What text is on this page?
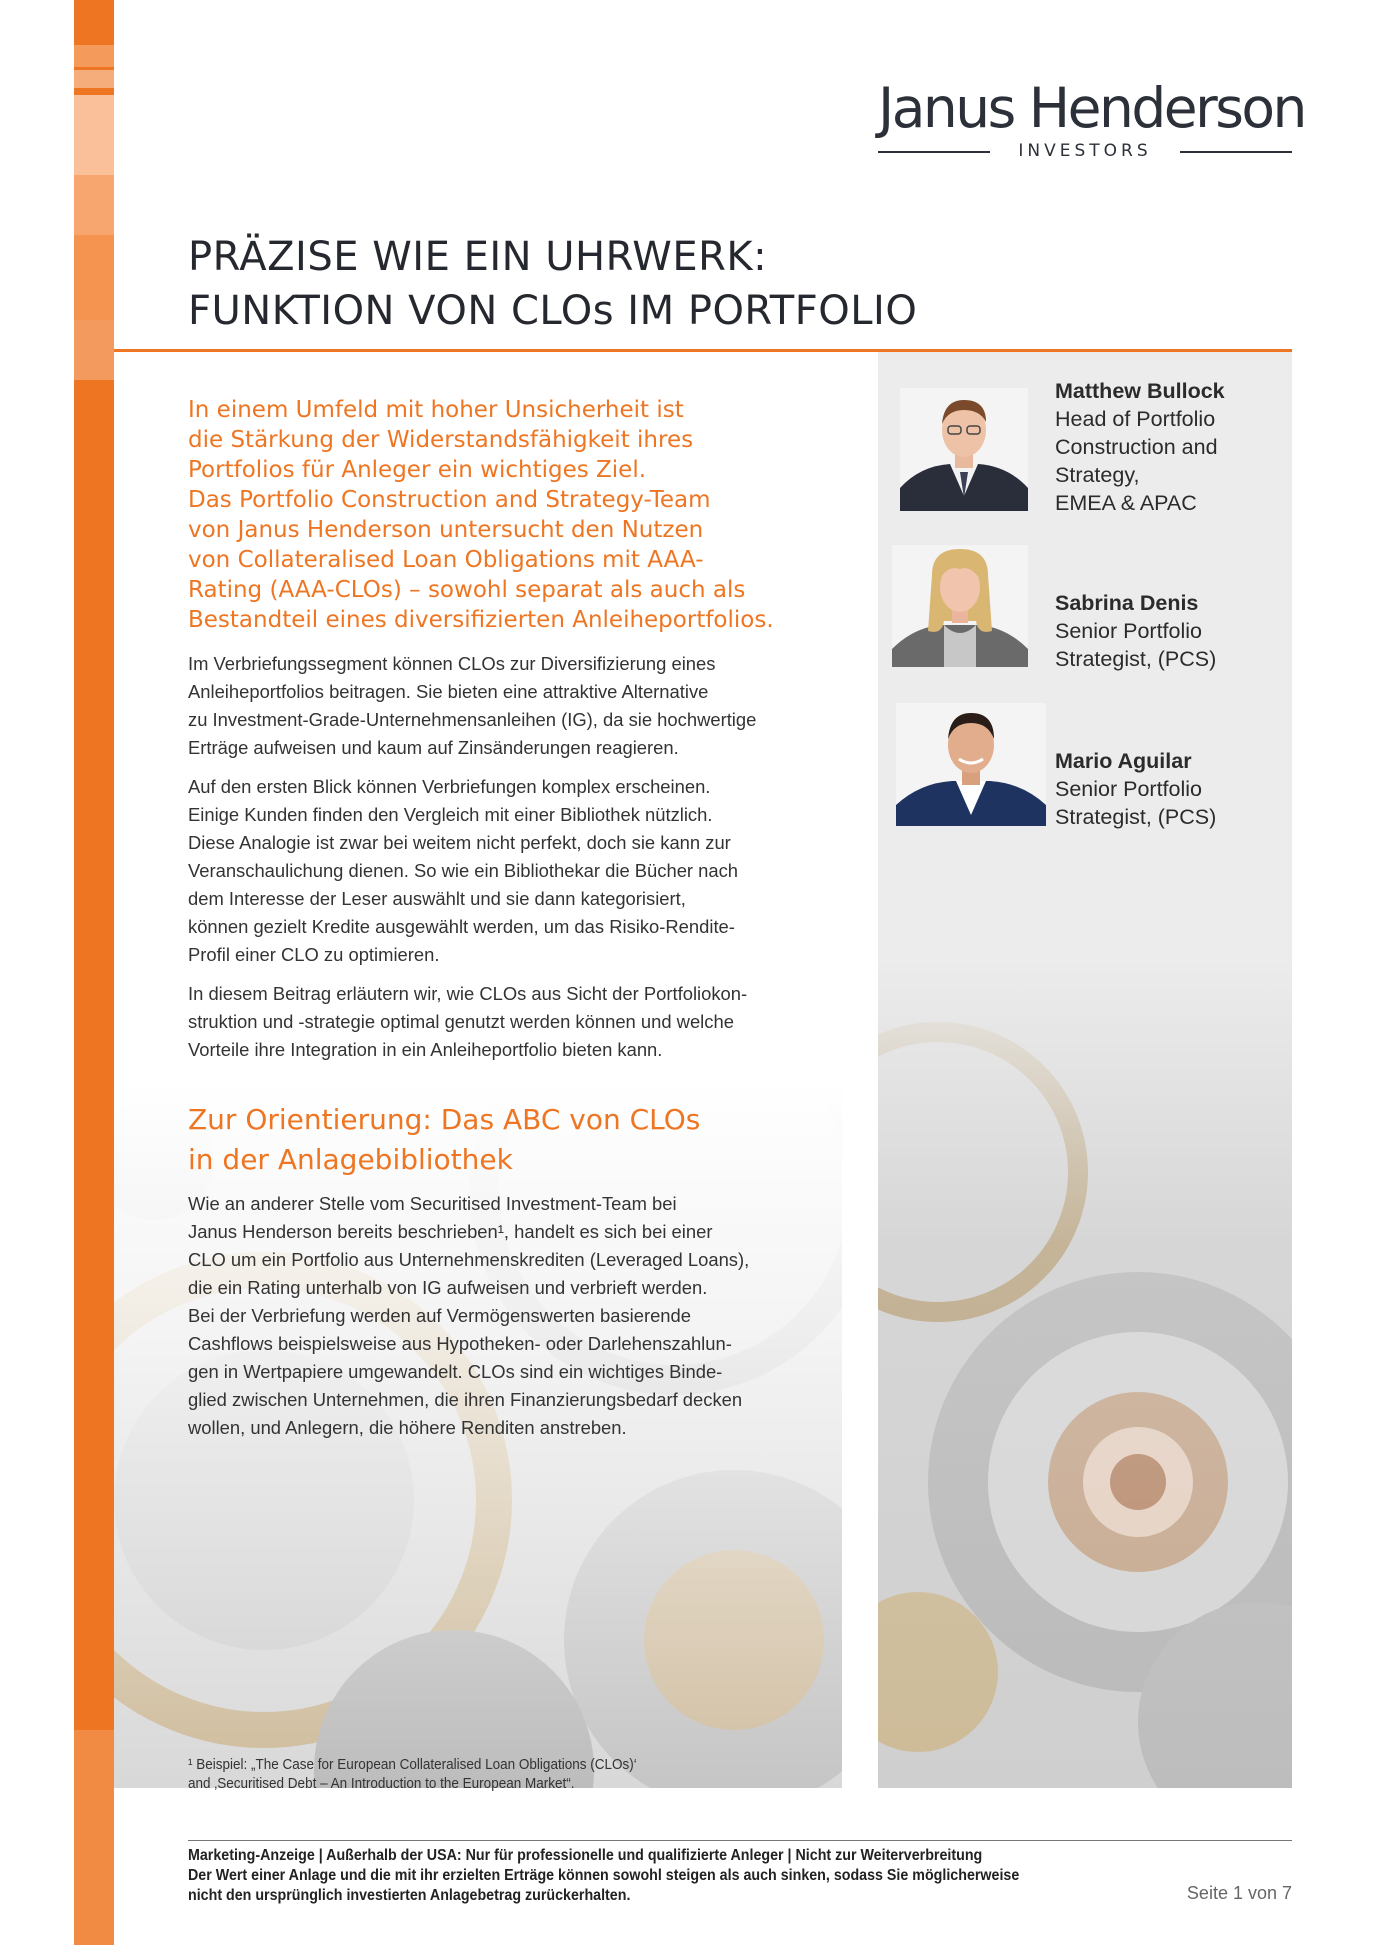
Janus Henderson
INVESTORS
PRÄZISE WIE EIN UHRWERK:
FUNKTION VON CLOs IM PORTFOLIO

In einem Umfeld mit hoher Unsicherheit ist

die Stärkung der Widerstandsfähigkeit ihres

Portfolios für Anleger ein wichtiges Ziel.

Das Portfolio Construction and Strategy-Team

von Janus Henderson untersucht den Nutzen

von Collateralised Loan Obligations mit AAA-

Rating (AAA-CLOs) – sowohl separat als auch als

Bestandteil eines diversifizierten Anleiheportfolios.

Im Verbriefungssegment können CLOs zur Diversifizierung eines

Anleiheportfolios beitragen. Sie bieten eine attraktive Alternative

zu Investment-Grade-Unternehmensanleihen (IG), da sie hochwertige

Erträge aufweisen und kaum auf Zinsänderungen reagieren.

Auf den ersten Blick können Verbriefungen komplex erscheinen.

Einige Kunden finden den Vergleich mit einer Bibliothek nützlich.

Diese Analogie ist zwar bei weitem nicht perfekt, doch sie kann zur

Veranschaulichung dienen. So wie ein Bibliothekar die Bücher nach

dem Interesse der Leser auswählt und sie dann kategorisiert,

können gezielt Kredite ausgewählt werden, um das Risiko-Rendite-

Profil einer CLO zu optimieren.

In diesem Beitrag erläutern wir, wie CLOs aus Sicht der Portfoliokon-

struktion und -strategie optimal genutzt werden können und welche

Vorteile ihre Integration in ein Anleiheportfolio bieten kann.

Zur Orientierung: Das ABC von CLOs
in der Anlagebibliothek

Wie an anderer Stelle vom Securitised Investment-Team bei

Janus Henderson bereits beschrieben¹, handelt es sich bei einer

CLO um ein Portfolio aus Unternehmenskrediten (Leveraged Loans),

die ein Rating unterhalb von IG aufweisen und verbrieft werden.

Bei der Verbriefung werden auf Vermögenswerten basierende

Cashflows beispielsweise aus Hypotheken- oder Darlehenszahlun-

gen in Wertpapiere umgewandelt. CLOs sind ein wichtiges Binde-

glied zwischen Unternehmen, die ihren Finanzierungsbedarf decken

wollen, und Anlegern, die höhere Renditen anstreben.

Matthew Bullock
Head of Portfolio
Construction and
Strategy,
EMEA & APAC
Sabrina Denis
Senior Portfolio
Strategist, (PCS)
Mario Aguilar
Senior Portfolio
Strategist, (PCS)
¹ Beispiel: „The Case for European Collateralised Loan Obligations (CLOs)‘
and ‚Securitised Debt – An Introduction to the European Market“.
Marketing-Anzeige | Außerhalb der USA: Nur für professionelle und qualifizierte Anleger | Nicht zur Weiterverbreitung
Der Wert einer Anlage und die mit ihr erzielten Erträge können sowohl steigen als auch sinken, sodass Sie möglicherweise
nicht den ursprünglich investierten Anlagebetrag zurückerhalten.	Seite 1 von 7
